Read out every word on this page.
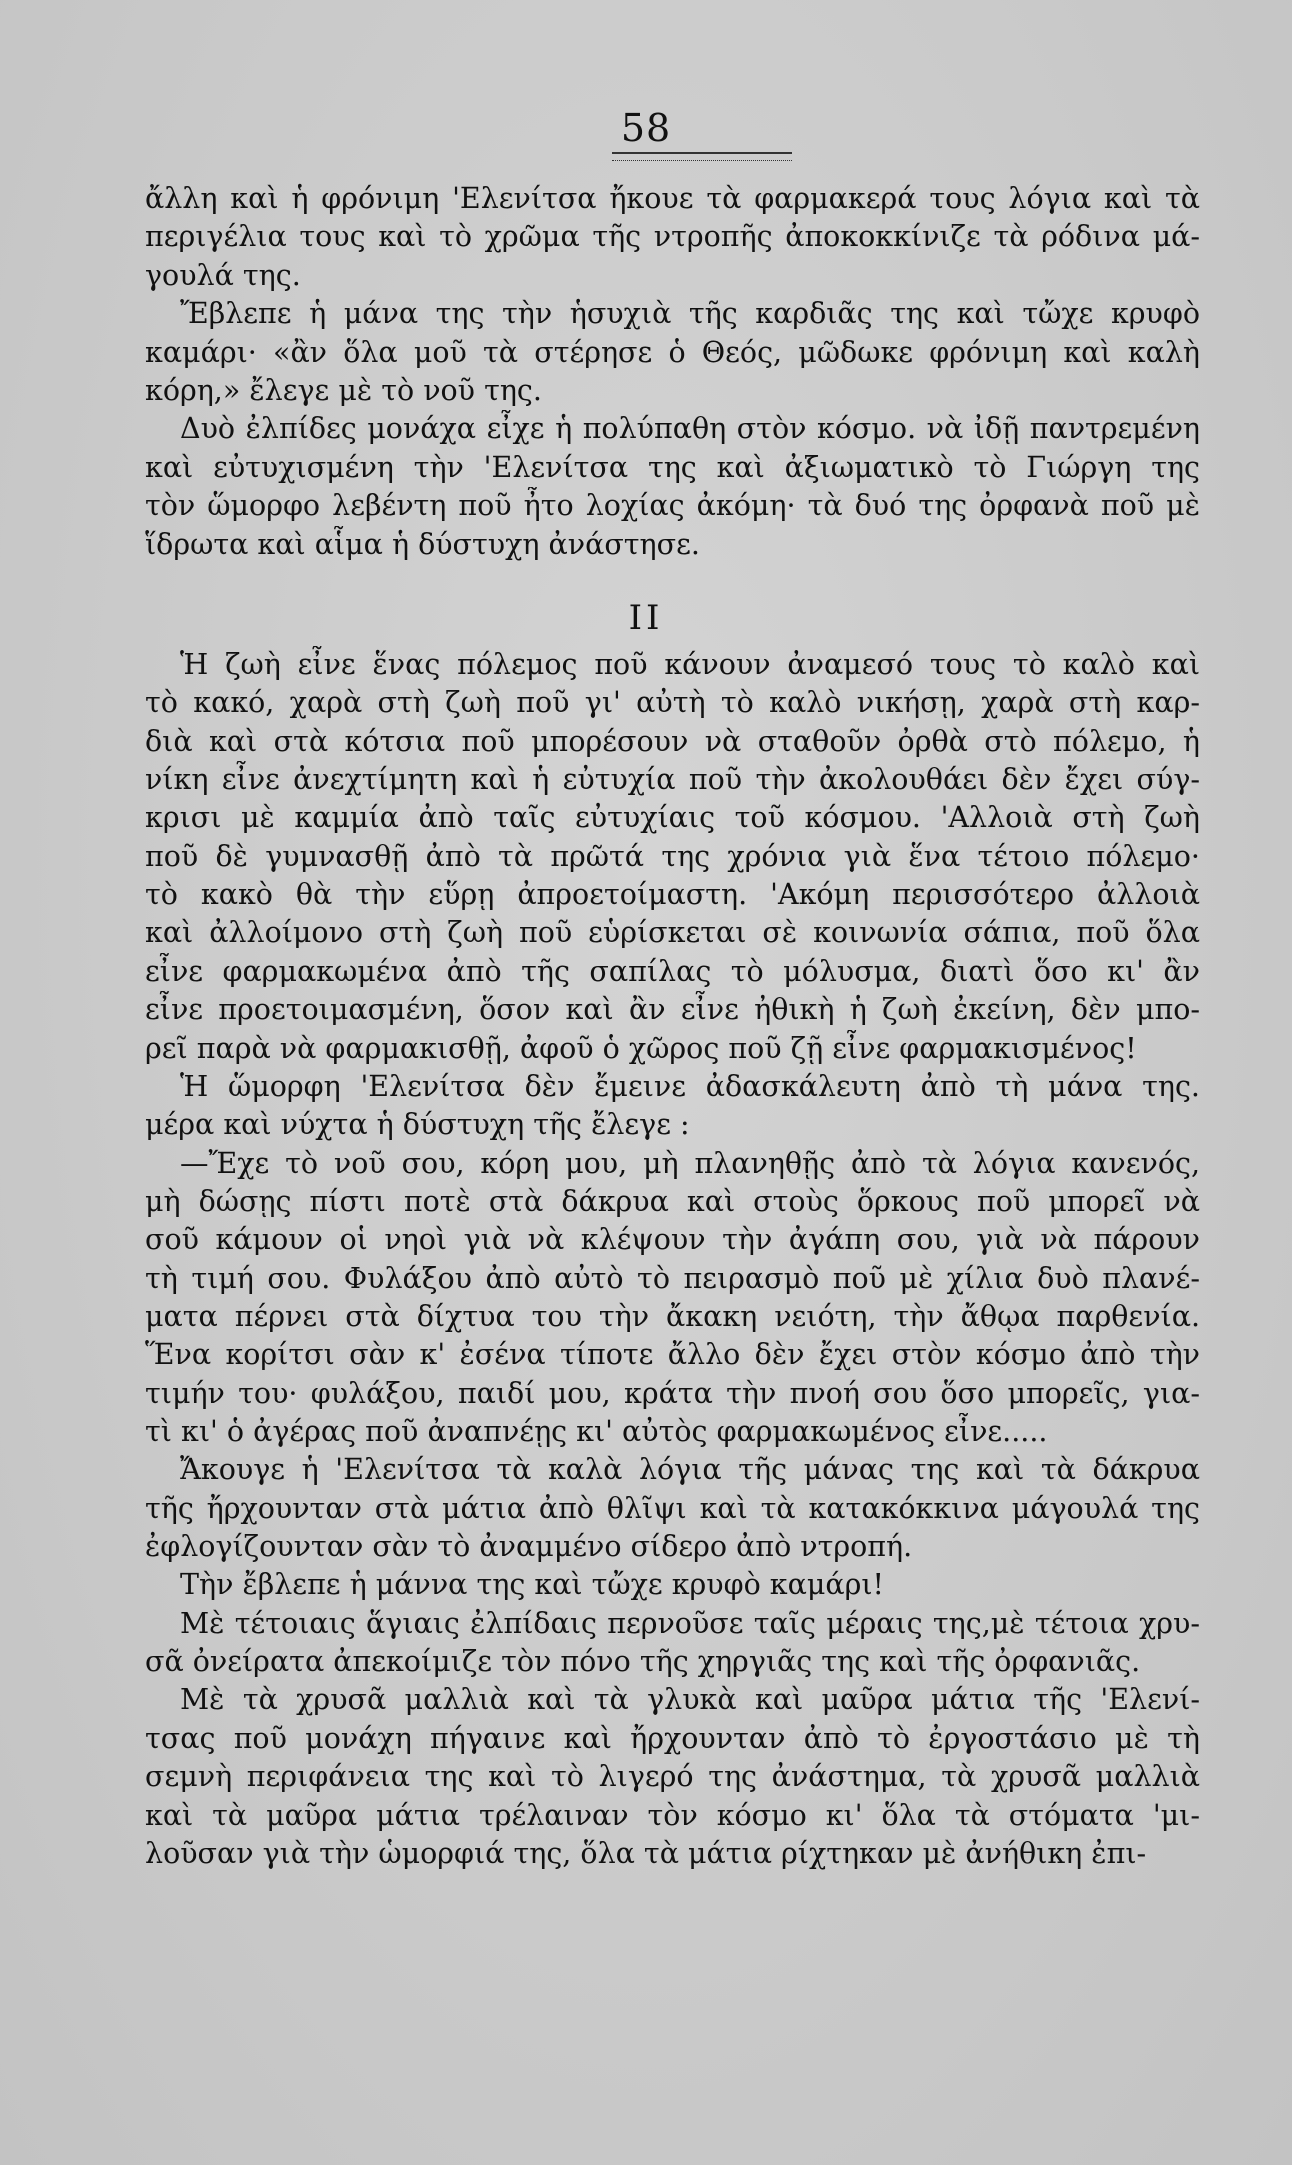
58
ἄλλη καὶ ἡ φρόνιμη 'Ελενίτσα ἤκουε τὰ φαρμακερά τους λόγια καὶ τὰ
περιγέλια τους καὶ τὸ χρῶμα τῆς ντροπῆς ἀποκοκκίνιζε τὰ ρόδινα μά-
γουλά της.
Ἔβλεπε ἡ μάνα της τὴν ἡσυχιὰ τῆς καρδιᾶς της καὶ τὤχε κρυφὸ
καμάρι· «ἂν ὅλα μοῦ τὰ στέρησε ὁ Θεός, μῶδωκε φρόνιμη καὶ καλὴ
κόρη,» ἔλεγε μὲ τὸ νοῦ της.
Δυὸ ἐλπίδες μονάχα εἶχε ἡ πολύπαθη στὸν κόσμο. νὰ ἰδῇ παντρεμένη
καὶ εὐτυχισμένη τὴν 'Ελενίτσα της καὶ ἀξιωματικὸ τὸ Γιώργη της
τὸν ὥμορφο λεβέντη ποῦ ἦτο λοχίας ἀκόμη· τὰ δυό της ὀρφανὰ ποῦ μὲ
ἵδρωτα καὶ αἷμα ἡ δύστυχη ἀνάστησε.
ΙΙ
Ἡ ζωὴ εἶνε ἕνας πόλεμος ποῦ κάνουν ἀναμεσό τους τὸ καλὸ καὶ
τὸ κακό, χαρὰ στὴ ζωὴ ποῦ γι' αὐτὴ τὸ καλὸ νικήσῃ, χαρὰ στὴ καρ-
διὰ καὶ στὰ κότσια ποῦ μπορέσουν νὰ σταθοῦν ὀρθὰ στὸ πόλεμο, ἡ
νίκη εἶνε ἀνεχτίμητη καὶ ἡ εὐτυχία ποῦ τὴν ἀκολουθάει δὲν ἔχει σύγ-
κρισι μὲ καμμία ἀπὸ ταῖς εὐτυχίαις τοῦ κόσμου. 'Αλλοιὰ στὴ ζωὴ
ποῦ δὲ γυμνασθῇ ἀπὸ τὰ πρῶτά της χρόνια γιὰ ἕνα τέτοιο πόλεμο·
τὸ κακὸ θὰ τὴν εὕρῃ ἀπροετοίμαστη. 'Ακόμη περισσότερο ἀλλοιὰ
καὶ ἀλλοίμονο στὴ ζωὴ ποῦ εὑρίσκεται σὲ κοινωνία σάπια, ποῦ ὅλα
εἶνε φαρμακωμένα ἀπὸ τῆς σαπίλας τὸ μόλυσμα, διατὶ ὅσο κι' ἂν
εἶνε προετοιμασμένη, ὅσον καὶ ἂν εἶνε ἠθικὴ ἡ ζωὴ ἐκείνη, δὲν μπο-
ρεῖ παρὰ νὰ φαρμακισθῇ, ἀφοῦ ὁ χῶρος ποῦ ζῇ εἶνε φαρμακισμένος!
Ἡ ὥμορφη 'Ελενίτσα δὲν ἔμεινε ἀδασκάλευτη ἀπὸ τὴ μάνα της.
μέρα καὶ νύχτα ἡ δύστυχη τῆς ἔλεγε :
—Ἔχε τὸ νοῦ σου, κόρη μου, μὴ πλανηθῇς ἀπὸ τὰ λόγια κανενός,
μὴ δώσῃς πίστι ποτὲ στὰ δάκρυα καὶ στοὺς ὅρκους ποῦ μπορεῖ νὰ
σοῦ κάμουν οἱ νηοὶ γιὰ νὰ κλέψουν τὴν ἀγάπη σου, γιὰ νὰ πάρουν
τὴ τιμή σου. Φυλάξου ἀπὸ αὐτὸ τὸ πειρασμὸ ποῦ μὲ χίλια δυὸ πλανέ-
ματα πέρνει στὰ δίχτυα του τὴν ἄκακη νειότη, τὴν ἄθῳα παρθενία.
Ἕνα κορίτσι σὰν κ' ἐσένα τίποτε ἄλλο δὲν ἔχει στὸν κόσμο ἀπὸ τὴν
τιμήν του· φυλάξου, παιδί μου, κράτα τὴν πνοή σου ὅσο μπορεῖς, για-
τὶ κι' ὁ ἀγέρας ποῦ ἀναπνέῃς κι' αὐτὸς φαρμακωμένος εἶνε.....
Ἄκουγε ἡ 'Ελενίτσα τὰ καλὰ λόγια τῆς μάνας της καὶ τὰ δάκρυα
τῆς ἤρχουνταν στὰ μάτια ἀπὸ θλῖψι καὶ τὰ κατακόκκινα μάγουλά της
ἐφλογίζουνταν σὰν τὸ ἀναμμένο σίδερο ἀπὸ ντροπή.
Τὴν ἔβλεπε ἡ μάννα της καὶ τὤχε κρυφὸ καμάρι!
Μὲ τέτοιαις ἅγιαις ἐλπίδαις περνοῦσε ταῖς μέραις της,μὲ τέτοια χρυ-
σᾶ ὀνείρατα ἀπεκοίμιζε τὸν πόνο τῆς χηργιᾶς της καὶ τῆς ὀρφανιᾶς.
Μὲ τὰ χρυσᾶ μαλλιὰ καὶ τὰ γλυκὰ καὶ μαῦρα μάτια τῆς 'Ελενί-
τσας ποῦ μονάχη πήγαινε καὶ ἤρχουνταν ἀπὸ τὸ ἐργοστάσιο μὲ τὴ
σεμνὴ περιφάνεια της καὶ τὸ λιγερό της ἀνάστημα, τὰ χρυσᾶ μαλλιὰ
καὶ τὰ μαῦρα μάτια τρέλαιναν τὸν κόσμο κι' ὅλα τὰ στόματα 'μι-
λοῦσαν γιὰ τὴν ὡμορφιά της, ὅλα τὰ μάτια ρίχτηκαν μὲ ἀνήθικη ἐπι-
